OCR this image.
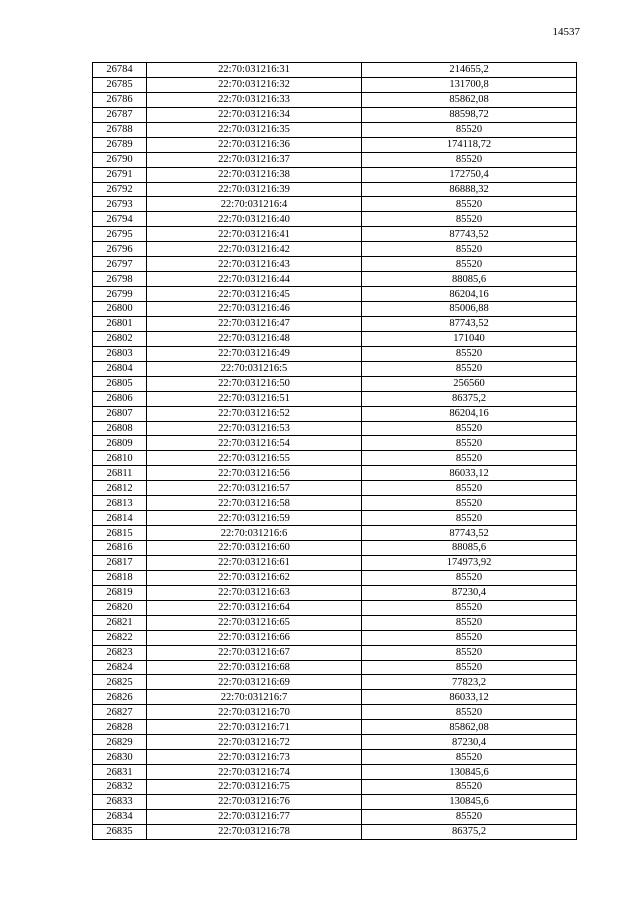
14537
26784	22:70:031216:31	214655,2
26785	22:70:031216:32	131700,8
26786	22:70:031216:33	85862,08
26787	22:70:031216:34	88598,72
26788	22:70:031216:35	85520
26789	22:70:031216:36	174118,72
26790	22:70:031216:37	85520
26791	22:70:031216:38	172750,4
26792	22:70:031216:39	86888,32
26793	22:70:031216:4	85520
26794	22:70:031216:40	85520
26795	22:70:031216:41	87743,52
26796	22:70:031216:42	85520
26797	22:70:031216:43	85520
26798	22:70:031216:44	88085,6
26799	22:70:031216:45	86204,16
26800	22:70:031216:46	85006,88
26801	22:70:031216:47	87743,52
26802	22:70:031216:48	171040
26803	22:70:031216:49	85520
26804	22:70:031216:5	85520
26805	22:70:031216:50	256560
26806	22:70:031216:51	86375,2
26807	22:70:031216:52	86204,16
26808	22:70:031216:53	85520
26809	22:70:031216:54	85520
26810	22:70:031216:55	85520
26811	22:70:031216:56	86033,12
26812	22:70:031216:57	85520
26813	22:70:031216:58	85520
26814	22:70:031216:59	85520
26815	22:70:031216:6	87743,52
26816	22:70:031216:60	88085,6
26817	22:70:031216:61	174973,92
26818	22:70:031216:62	85520
26819	22:70:031216:63	87230,4
26820	22:70:031216:64	85520
26821	22:70:031216:65	85520
26822	22:70:031216:66	85520
26823	22:70:031216:67	85520
26824	22:70:031216:68	85520
26825	22:70:031216:69	77823,2
26826	22:70:031216:7	86033,12
26827	22:70:031216:70	85520
26828	22:70:031216:71	85862,08
26829	22:70:031216:72	87230,4
26830	22:70:031216:73	85520
26831	22:70:031216:74	130845,6
26832	22:70:031216:75	85520
26833	22:70:031216:76	130845,6
26834	22:70:031216:77	85520
26835	22:70:031216:78	86375,2
